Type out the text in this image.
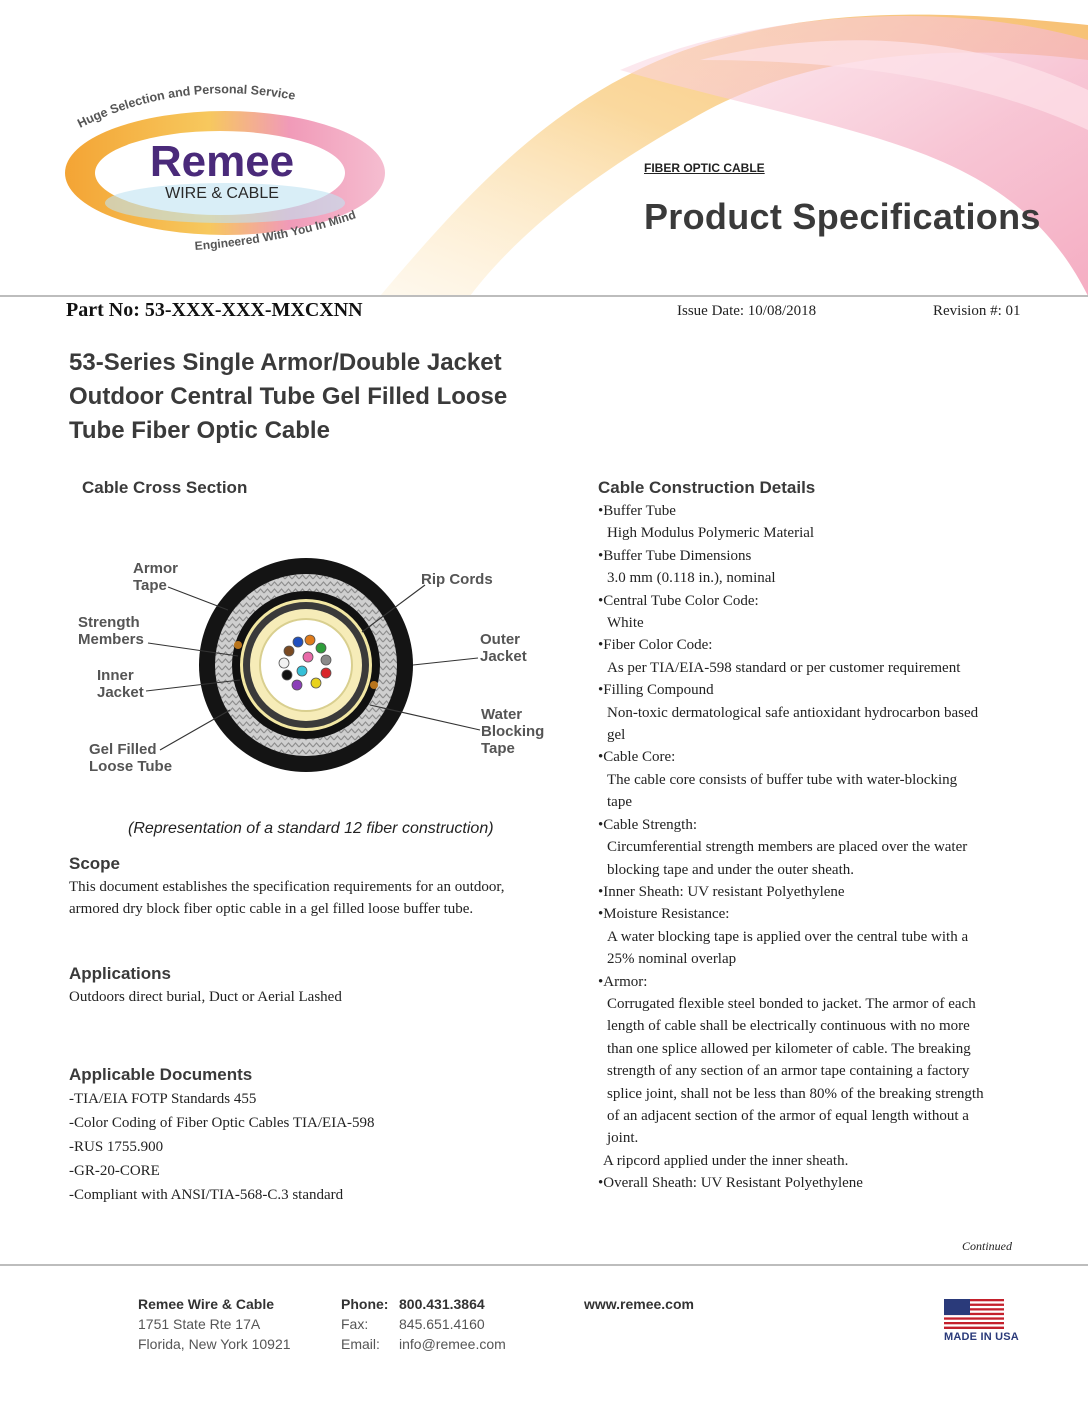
Huge Selection and Personal Service
Remee
WIRE & CABLE
Engineered With You In Mind
FIBER OPTIC CABLE
Product Specifications
Part No: 53-XXX-XXX-MXCXNN	Issue Date: 10/08/2018	Revision #: 01
53-Series Single Armor/Double Jacket
Outdoor Central Tube Gel Filled Loose
Tube Fiber Optic Cable
Cable Cross Section
Armor
Tape
Strength
Members
Inner
Jacket
Gel Filled
Loose Tube
Rip Cords
Outer
Jacket
Water
Blocking
Tape
(Representation of a standard 12 fiber construction)
Scope
This document establishes the specification requirements for an outdoor,
armored dry block fiber optic cable in a gel filled loose buffer tube.
Applications
Outdoors direct burial, Duct or Aerial Lashed
Applicable Documents
-TIA/EIA FOTP Standards 455
-Color Coding of Fiber Optic Cables TIA/EIA-598
-RUS 1755.900
-GR-20-CORE
-Compliant with ANSI/TIA-568-C.3 standard
Cable Construction Details
•Buffer Tube
High Modulus Polymeric Material
•Buffer Tube Dimensions
3.0 mm (0.118 in.), nominal
•Central Tube Color Code:
White
•Fiber Color Code:
As per TIA/EIA-598 standard or per customer requirement
•Filling Compound
Non-toxic dermatological safe antioxidant hydrocarbon based
gel
•Cable Core:
The cable core consists of buffer tube with water-blocking
tape
•Cable Strength:
Circumferential strength members are placed over the water
blocking tape and under the outer sheath.
•Inner Sheath: UV resistant Polyethylene
•Moisture Resistance:
A water blocking tape is applied over the central tube with a
25% nominal overlap
•Armor:
Corrugated flexible steel bonded to jacket. The armor of each
length of cable shall be electrically continuous with no more
than one splice allowed per kilometer of cable. The breaking
strength of any section of an armor tape containing a factory
splice joint, shall not be less than 80% of the breaking strength
of an adjacent section of the armor of equal length without a
joint.
A ripcord applied under the inner sheath.
•Overall Sheath: UV Resistant Polyethylene
Continued
Remee Wire & Cable
1751 State Rte 17A
Florida, New York 10921
Phone:
Fax:
Email:
800.431.3864
845.651.4160
info@remee.com
www.remee.com
MADE IN USA
